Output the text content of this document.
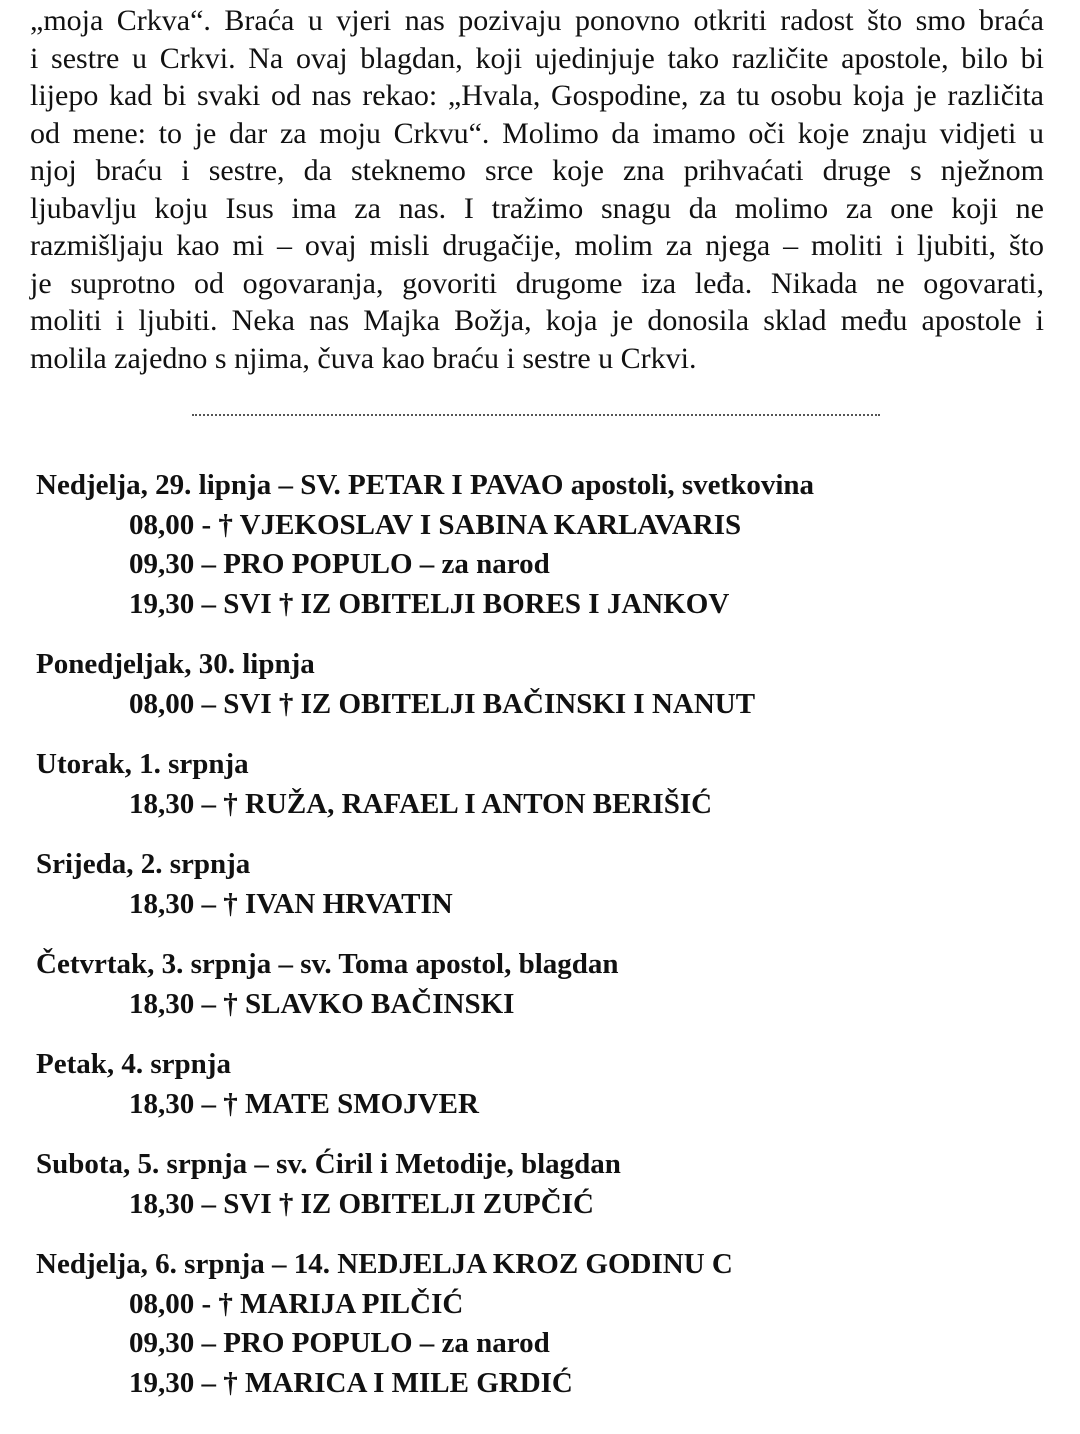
„moja Crkva“. Braća u vjeri nas pozivaju ponovno otkriti radost što smo braća
i sestre u Crkvi. Na ovaj blagdan, koji ujedinjuje tako različite apostole, bilo bi
lijepo kad bi svaki od nas rekao: „Hvala, Gospodine, za tu osobu koja je različita
od mene: to je dar za moju Crkvu“. Molimo da imamo oči koje znaju vidjeti u
njoj braću i sestre, da steknemo srce koje zna prihvaćati druge s nježnom
ljubavlju koju Isus ima za nas. I tražimo snagu da molimo za one koji ne
razmišljaju kao mi – ovaj misli drugačije, molim za njega – moliti i ljubiti, što
je suprotno od ogovaranja, govoriti drugome iza leđa. Nikada ne ogovarati,
moliti i ljubiti. Neka nas Majka Božja, koja je donosila sklad među apostole i
molila zajedno s njima, čuva kao braću i sestre u Crkvi.
Nedjelja, 29. lipnja – SV. PETAR I PAVAO apostoli, svetkovina
08,00 - † VJEKOSLAV I SABINA KARLAVARIS
09,30 – PRO POPULO – za narod
19,30 – SVI † IZ OBITELJI BORES I JANKOV
Ponedjeljak, 30. lipnja
08,00 – SVI † IZ OBITELJI BAČINSKI I NANUT
Utorak, 1. srpnja
18,30 – † RUŽA, RAFAEL I ANTON BERIŠIĆ
Srijeda, 2. srpnja
18,30 – † IVAN HRVATIN
Četvrtak, 3. srpnja – sv. Toma apostol, blagdan
18,30 – † SLAVKO BAČINSKI
Petak, 4. srpnja
18,30 – † MATE SMOJVER
Subota, 5. srpnja – sv. Ćiril i Metodije, blagdan
18,30 – SVI † IZ OBITELJI ZUPČIĆ
Nedjelja, 6. srpnja – 14. NEDJELJA KROZ GODINU C
08,00 - † MARIJA PILČIĆ
09,30 – PRO POPULO – za narod
19,30 – † MARICA I MILE GRDIĆ
